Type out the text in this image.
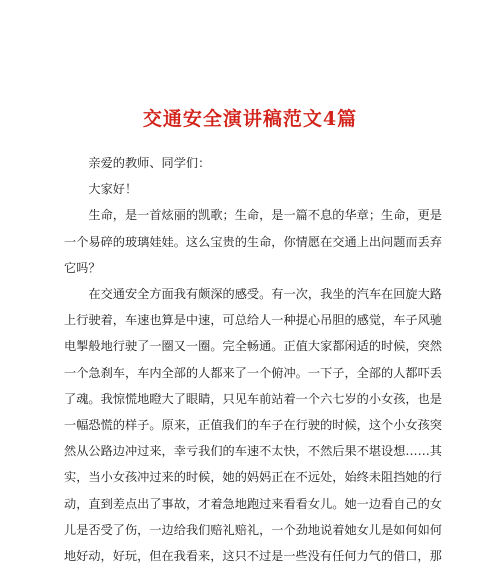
交通安全演讲稿范文4篇

亲爱的教师、同学们：

大家好！

生命，是一首炫丽的凯歌；生命，是一篇不息的华章；生命，更是一个易碎的玻璃娃娃。这么宝贵的生命，你情愿在交通上出问题而丢弃它吗？

在交通安全方面我有颇深的感受。有一次，我坐的汽车在回旋大路上行驶着，车速也算是中速，可总给人一种提心吊胆的感觉，车子风驰电掣般地行驶了一圈又一圈。完全畅通。正值大家都闲适的时候，突然一个急刹车，车内全部的人都来了一个俯冲。一下子，全部的人都吓丢了魂。我惊慌地瞪大了眼睛，只见车前站着一个六七岁的小女孩，也是一幅恐慌的样子。原来，正值我们的车子在行驶的时候，这个小女孩突然从公路边冲过来，幸亏我们的车速不太快，不然后果不堪设想……其实，当小女孩冲过来的时候，她的妈妈正在不远处，始终未阻挡她的行动，直到差点出了事故，才着急地跑过来看看女儿。她一边看自己的女儿是否受了伤，一边给我们赔礼赔礼，一个劲地说着她女儿是如何如何地好动，好玩，但在我看来，这只不过是一些没有任何力气的借口，那
